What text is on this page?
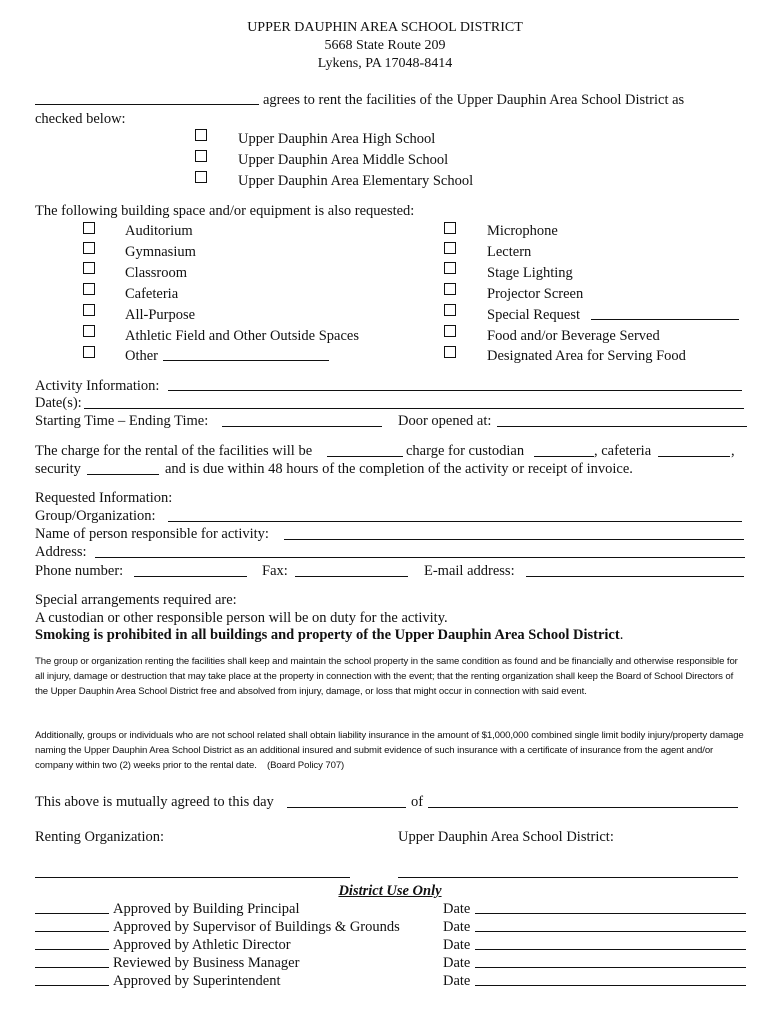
UPPER DAUPHIN AREA SCHOOL DISTRICT
5668 State Route 209
Lykens, PA 17048-8414
agrees to rent the facilities of the Upper Dauphin Area School District as
checked below:
Upper Dauphin Area High School
Upper Dauphin Area Middle School
Upper Dauphin Area Elementary School
The following building space and/or equipment is also requested:
Auditorium
Gymnasium
Classroom
Cafeteria
All-Purpose
Athletic Field and Other Outside Spaces
Other
Microphone
Lectern
Stage Lighting
Projector Screen
Special Request
Food and/or Beverage Served
Designated Area for Serving Food
Activity Information:
Date(s):
Starting Time – Ending Time:	Door opened at:
The charge for the rental of the facilities will be	charge for custodian	, cafeteria	,
security	and is due within 48 hours of the completion of the activity or receipt of invoice.
Requested Information:
Group/Organization:
Name of person responsible for activity:
Address:
Phone number:	Fax:	E-mail address:
Special arrangements required are:
A custodian or other responsible person will be on duty for the activity.
Smoking is prohibited in all buildings and property of the Upper Dauphin Area School District.
The group or organization renting the facilities shall keep and maintain the school property in the same condition as found and be financially and otherwise responsible for all injury, damage or destruction that may take place at the property in connection with the event; that the renting organization shall keep the Board of School Directors of the Upper Dauphin Area School District free and absolved from injury, damage, or loss that might occur in connection with said event.
Additionally, groups or individuals who are not school related shall obtain liability insurance in the amount of $1,000,000 combined single limit bodily injury/property damage naming the Upper Dauphin Area School District as an additional insured and submit evidence of such insurance with a certificate of insurance from the agent and/or company within two (2) weeks prior to the rental date. (Board Policy 707)
This above is mutually agreed to this day	of
Renting Organization:	Upper Dauphin Area School District:
District Use Only
Approved by Building Principal	Date
Approved by Supervisor of Buildings & Grounds	Date
Approved by Athletic Director	Date
Reviewed by Business Manager	Date
Approved by Superintendent	Date
